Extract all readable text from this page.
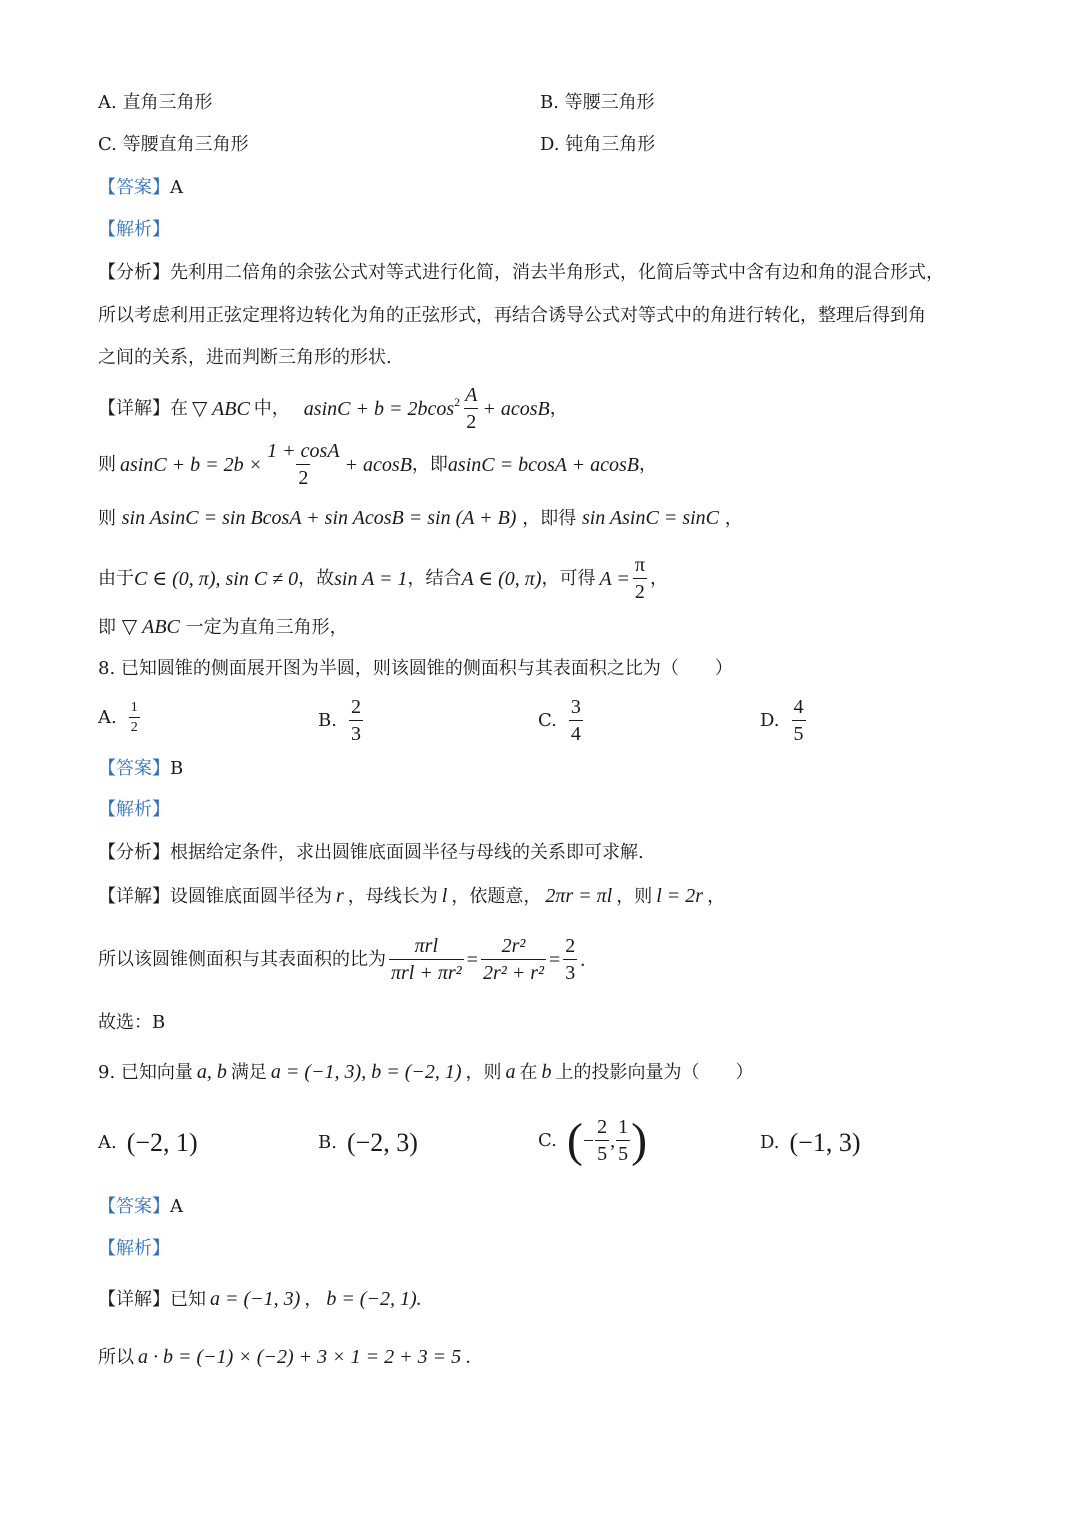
A. 直角三角形	B. 等腰三角形
C. 等腰直角三角形	D. 钝角三角形
【答案】A
【解析】
【分析】先利用二倍角的余弦公式对等式进行化简，消去半角形式，化简后等式中含有边和角的混合形式，
所以考虑利用正弦定理将边转化为角的正弦形式，再结合诱导公式对等式中的角进行转化，整理后得到角
之间的关系，进而判断三角形的形状.
【详解】 在 ▽ ABC 中， $asinC + b = 2bcos^2 \frac{A}{2} + acosB$ ，
则 $asinC + b = 2b \times \frac{1 + \cos A}{2} + acosB$ ，即 asinC = bcosA + acosB ，
则 sin AsinC = sin BcosA + sin AcosB = sin (A + B) ，即得 sin AsinC = sinC ，
由于 C ∈ (0, π), sin C ≠ 0 ，故 sin A = 1 ，结合 A ∈ (0, π) ，可得 $A = \frac{\pi}{2}$ ，
即 ▽ ABC 一定为直角三角形，
8. 已知圆锥的侧面展开图为半圆，则该圆锥的侧面积与其表面积之比为（　　）
A. $\frac{1}{2}$	B. $\frac{2}{3}$	C. $\frac{3}{4}$	D. $\frac{4}{5}$
【答案】B
【解析】
【分析】根据给定条件，求出圆锥底面圆半径与母线的关系即可求解.
【详解】设圆锥底面圆半径为 r ，母线长为 l ，依题意， 2πr = πl ，则 l = 2r ，
所以该圆锥侧面积与其表面积的比为 $\frac{\text{πrl}}{\text{πrl + πr²}} = \frac{\text{2r²}}{\text{2r² + r²}} = \frac{2}{3}$ .
故选：B
9. 已知向量 a, b 满足 a = (−1, 3), b = (−2, 1) ，则 a 在 b 上的投影向量为（　　）
A. (−2, 1)	B. (−2, 3)	C. ( − $\frac{2}{5}$ , $\frac{1}{5}$ )	D. (−1, 3)
【答案】A
【解析】
【详解】已知 a = (−1, 3) ， b = (−2, 1).
所以 a · b = (−1) × (−2) + 3 × 1 = 2 + 3 = 5 .
